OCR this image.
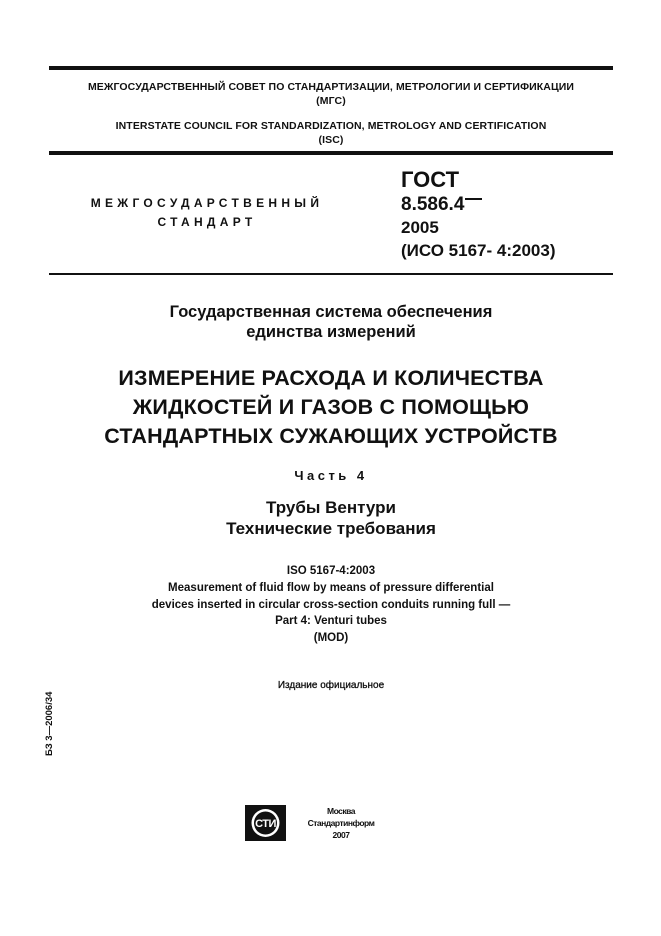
МЕЖГОСУДАРСТВЕННЫЙ СОВЕТ ПО СТАНДАРТИЗАЦИИ, МЕТРОЛОГИИ И СЕРТИФИКАЦИИ
(МГС)
INTERSTATE COUNCIL FOR STANDARDIZATION, METROLOGY AND CERTIFICATION
(ISC)
МЕЖГОСУДАРСТВЕННЫЙ
СТАНДАРТ
ГОСТ
8.586.4
2005
(ИСО 5167- 4:2003)
Государственная система обеспечения
единства измерений
ИЗМЕРЕНИЕ РАСХОДА И КОЛИЧЕСТВА
ЖИДКОСТЕЙ И ГАЗОВ С ПОМОЩЬЮ
СТАНДАРТНЫХ СУЖАЮЩИХ УСТРОЙСТВ
Часть 4
Трубы Вентури
Технические требования
ISO 5167-4:2003
Measurement of fluid flow by means of pressure differential
devices inserted in circular cross-section conduits running full —
Part 4: Venturi tubes
(MOD)
Издание официальное
БЗ 3—2006/34
СТИ
Москва
Стандартинформ
2007
